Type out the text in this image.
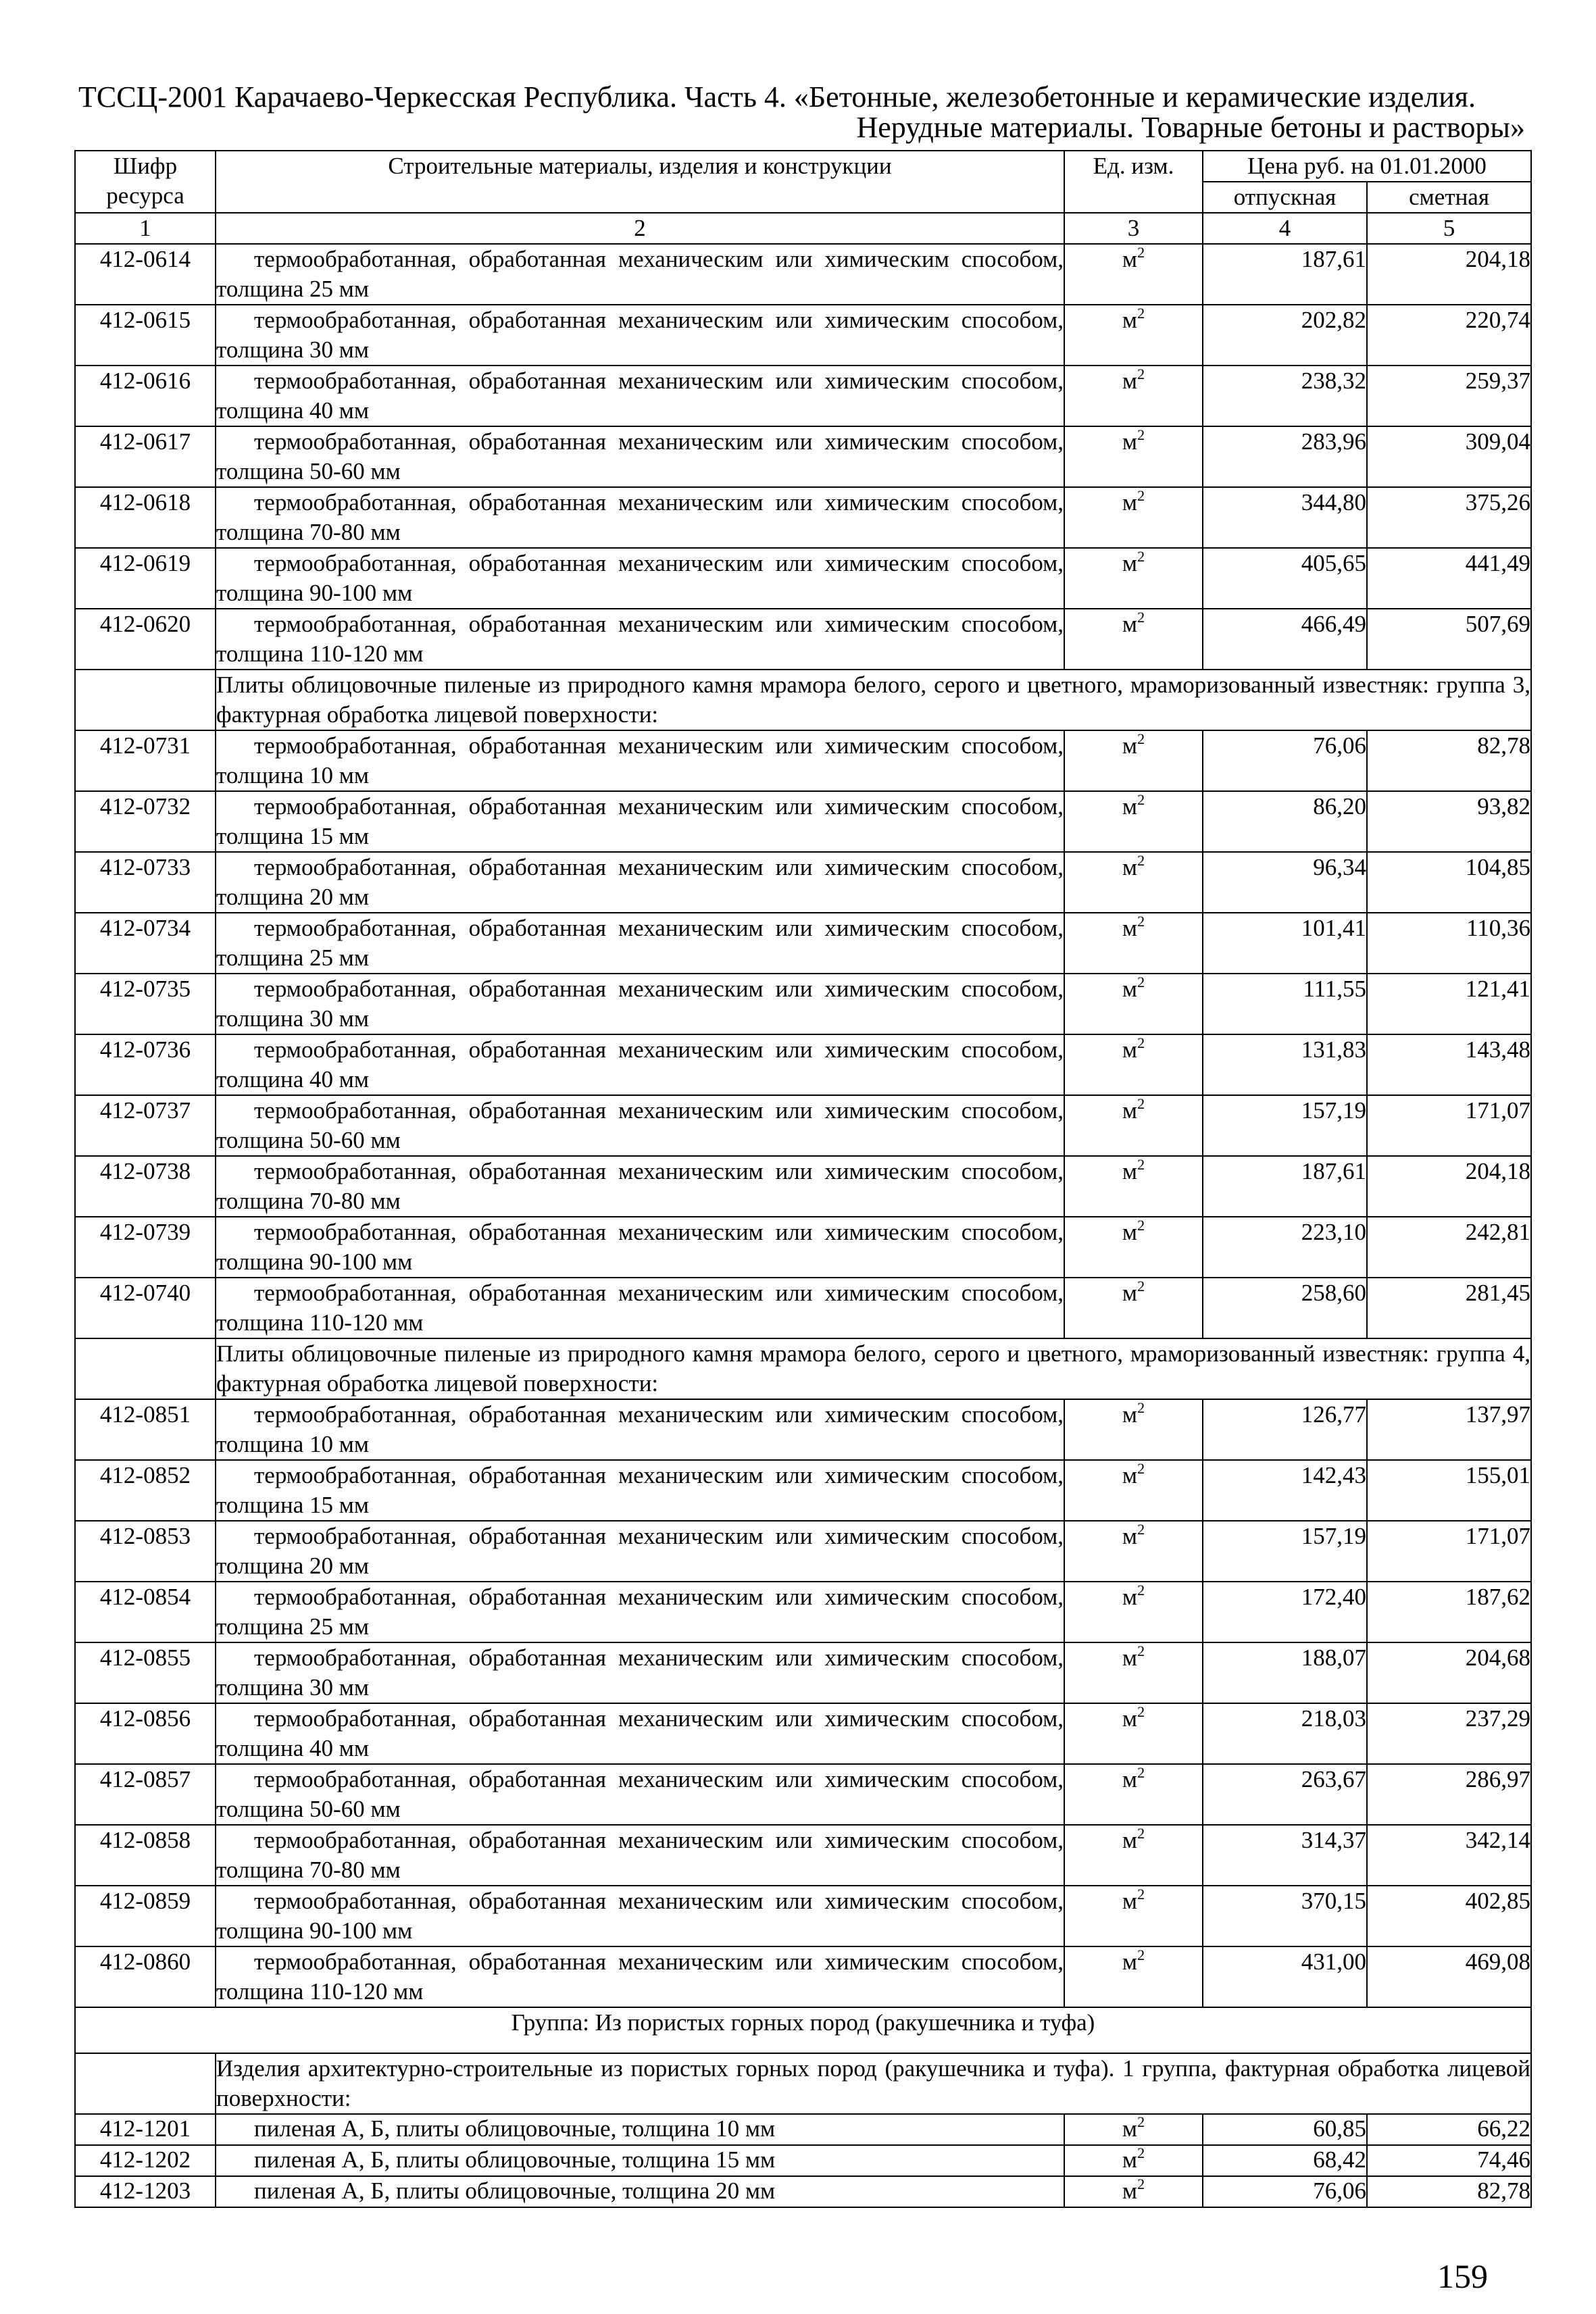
ТССЦ-2001 Карачаево-Черкесская Республика. Часть 4. «Бетонные, железобетонные и керамические изделия.
Нерудные материалы. Товарные бетоны и растворы»
Шифр ресурса	Строительные материалы, изделия и конструкции	Ед. изм.	Цена руб. на 01.01.2000	
			отпускная	сметная
1	2	3	4	5
412-0614	термообработанная, обработанная механическим или химическим способом, толщина 25 мм	$м^2$	187,61	204,18
412-0615	термообработанная, обработанная механическим или химическим способом, толщина 30 мм	$м^2$	202,82	220,74
412-0616	термообработанная, обработанная механическим или химическим способом, толщина 40 мм	$м^2$	238,32	259,37
412-0617	термообработанная, обработанная механическим или химическим способом, толщина 50-60 мм	$м^2$	283,96	309,04
412-0618	термообработанная, обработанная механическим или химическим способом, толщина 70-80 мм	$м^2$	344,80	375,26
412-0619	термообработанная, обработанная механическим или химическим способом, толщина 90-100 мм	$м^2$	405,65	441,49
412-0620	термообработанная, обработанная механическим или химическим способом, толщина 110-120 мм	$м^2$	466,49	507,69
	Плиты облицовочные пиленые из природного камня мрамора белого, серого и цветного, мраморизованный известняк: группа 3, фактурная обработка лицевой поверхности:			
412-0731	термообработанная, обработанная механическим или химическим способом, толщина 10 мм	$м^2$	76,06	82,78
412-0732	термообработанная, обработанная механическим или химическим способом, толщина 15 мм	$м^2$	86,20	93,82
412-0733	термообработанная, обработанная механическим или химическим способом, толщина 20 мм	$м^2$	96,34	104,85
412-0734	термообработанная, обработанная механическим или химическим способом, толщина 25 мм	$м^2$	101,41	110,36
412-0735	термообработанная, обработанная механическим или химическим способом, толщина 30 мм	$м^2$	111,55	121,41
412-0736	термообработанная, обработанная механическим или химическим способом, толщина 40 мм	$м^2$	131,83	143,48
412-0737	термообработанная, обработанная механическим или химическим способом, толщина 50-60 мм	$м^2$	157,19	171,07
412-0738	термообработанная, обработанная механическим или химическим способом, толщина 70-80 мм	$м^2$	187,61	204,18
412-0739	термообработанная, обработанная механическим или химическим способом, толщина 90-100 мм	$м^2$	223,10	242,81
412-0740	термообработанная, обработанная механическим или химическим способом, толщина 110-120 мм	$м^2$	258,60	281,45
	Плиты облицовочные пиленые из природного камня мрамора белого, серого и цветного, мраморизованный известняк: группа 4, фактурная обработка лицевой поверхности:			
412-0851	термообработанная, обработанная механическим или химическим способом, толщина 10 мм	$м^2$	126,77	137,97
412-0852	термообработанная, обработанная механическим или химическим способом, толщина 15 мм	$м^2$	142,43	155,01
412-0853	термообработанная, обработанная механическим или химическим способом, толщина 20 мм	$м^2$	157,19	171,07
412-0854	термообработанная, обработанная механическим или химическим способом, толщина 25 мм	$м^2$	172,40	187,62
412-0855	термообработанная, обработанная механическим или химическим способом, толщина 30 мм	$м^2$	188,07	204,68
412-0856	термообработанная, обработанная механическим или химическим способом, толщина 40 мм	$м^2$	218,03	237,29
412-0857	термообработанная, обработанная механическим или химическим способом, толщина 50-60 мм	$м^2$	263,67	286,97
412-0858	термообработанная, обработанная механическим или химическим способом, толщина 70-80 мм	$м^2$	314,37	342,14
412-0859	термообработанная, обработанная механическим или химическим способом, толщина 90-100 мм	$м^2$	370,15	402,85
412-0860	термообработанная, обработанная механическим или химическим способом, толщина 110-120 мм	$м^2$	431,00	469,08
Группа: Из пористых горных пород (ракушечника и туфа)				
	Изделия архитектурно-строительные из пористых горных пород (ракушечника и туфа). 1 группа, фактурная обработка лицевой поверхности:			
412-1201	пиленая А, Б, плиты облицовочные, толщина 10 мм	$м^2$	60,85	66,22
412-1202	пиленая А, Б, плиты облицовочные, толщина 15 мм	$м^2$	68,42	74,46
412-1203	пиленая А, Б, плиты облицовочные, толщина 20 мм	$м^2$	76,06	82,78
159
